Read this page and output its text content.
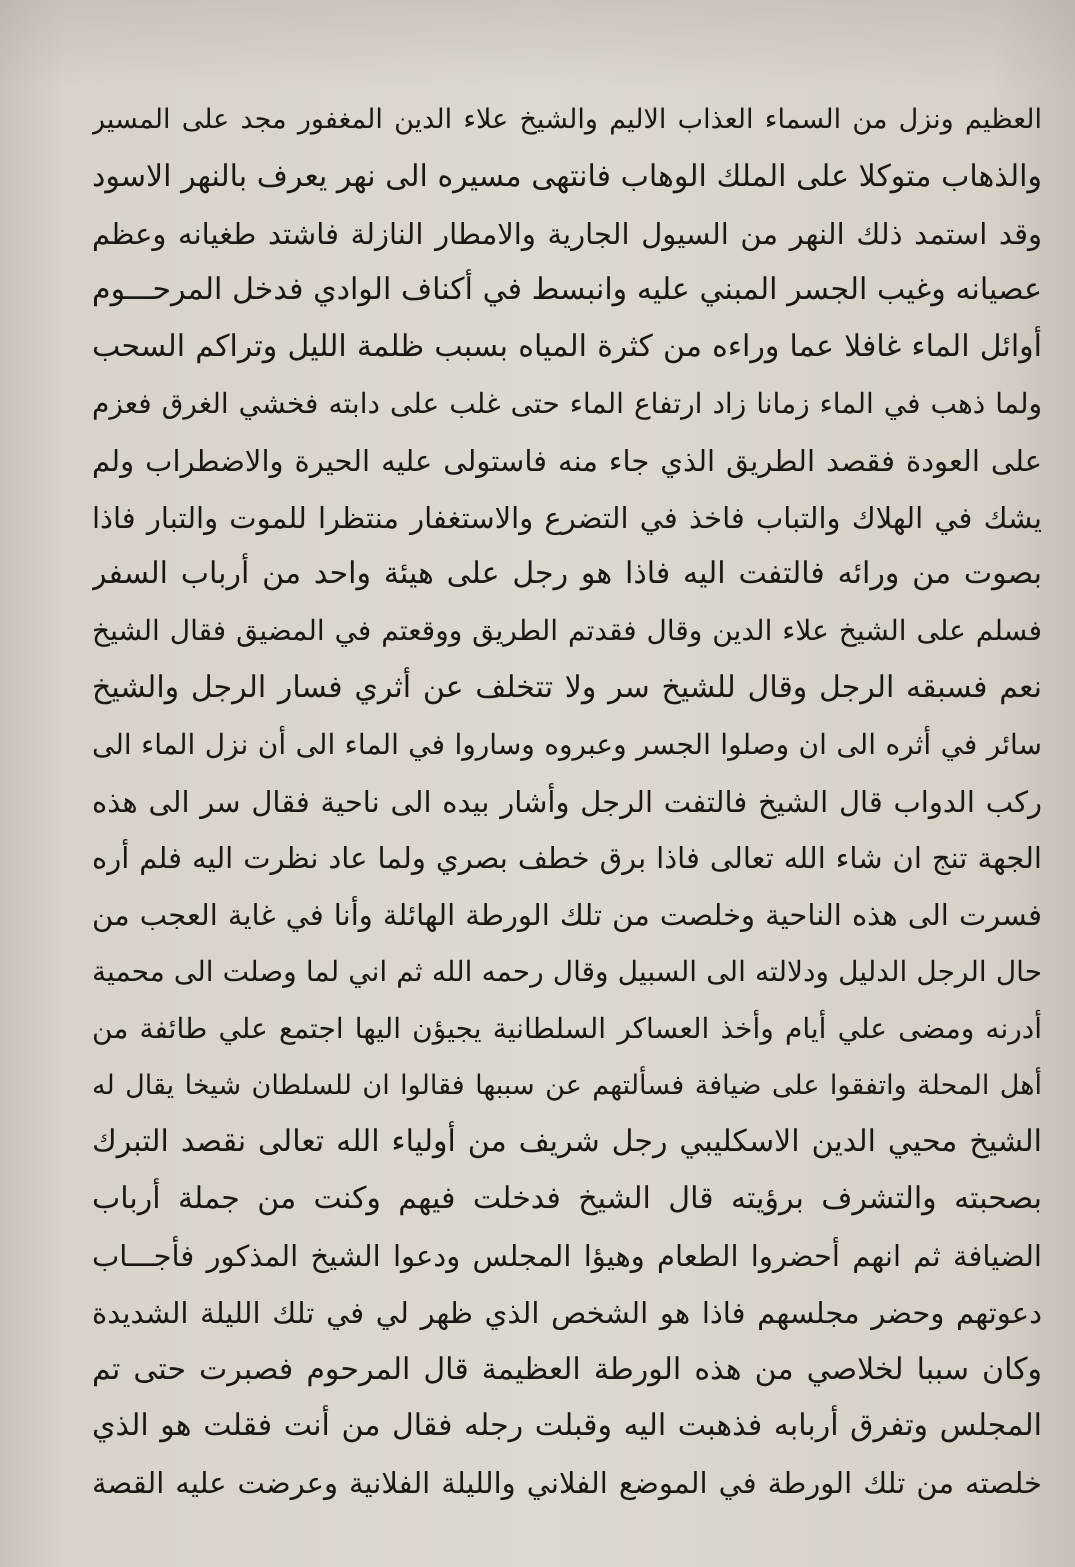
العظيم ونزل من السماء العذاب الاليم والشيخ علاء الدين المغفور مجد على المسير
والذهاب متوكلا على الملك الوهاب فانتهى مسيره الى نهر يعرف بالنهر الاسود
وقد استمد ذلك النهر من السيول الجارية والامطار النازلة فاشتد طغيانه وعظم
عصيانه وغيب الجسر المبني عليه وانبسط في أكناف الوادي فدخل المرحـــوم
أوائل الماء غافلا عما وراءه من كثرة المياه بسبب ظلمة الليل وتراكم السحب
ولما ذهب في الماء زمانا زاد ارتفاع الماء حتى غلب على دابته فخشي الغرق فعزم
على العودة فقصد الطريق الذي جاء منه فاستولى عليه الحيرة والاضطراب ولم
يشك في الهلاك والتباب فاخذ في التضرع والاستغفار منتظرا للموت والتبار فاذا
بصوت من ورائه فالتفت اليه فاذا هو رجل على هيئة واحد من أرباب السفر
فسلم على الشيخ علاء الدين وقال فقدتم الطريق ووقعتم في المضيق فقال الشيخ
نعم فسبقه الرجل وقال للشيخ سر ولا تتخلف عن أثري فسار الرجل والشيخ
سائر في أثره الى ان وصلوا الجسر وعبروه وساروا في الماء الى أن نزل الماء الى
ركب الدواب قال الشيخ فالتفت الرجل وأشار بيده الى ناحية فقال سر الى هذه
الجهة تنج ان شاء الله تعالى فاذا برق خطف بصري ولما عاد نظرت اليه فلم أره
فسرت الى هذه الناحية وخلصت من تلك الورطة الهائلة وأنا في غاية العجب من
حال الرجل الدليل ودلالته الى السبيل وقال رحمه الله ثم اني لما وصلت الى محمية
أدرنه ومضى علي أيام وأخذ العساكر السلطانية يجيؤن اليها اجتمع علي طائفة من
أهل المحلة واتفقوا على ضيافة فسألتهم عن سببها فقالوا ان للسلطان شيخا يقال له
الشيخ محيي الدين الاسكليبي رجل شريف من أولياء الله تعالى نقصد التبرك
بصحبته والتشرف برؤيته قال الشيخ فدخلت فيهم وكنت من جملة أرباب
الضيافة ثم انهم أحضروا الطعام وهيؤا المجلس ودعوا الشيخ المذكور فأجـــاب
دعوتهم وحضر مجلسهم فاذا هو الشخص الذي ظهر لي في تلك الليلة الشديدة
وكان سببا لخلاصي من هذه الورطة العظيمة قال المرحوم فصبرت حتى تم
المجلس وتفرق أربابه فذهبت اليه وقبلت رجله فقال من أنت فقلت هو الذي
خلصته من تلك الورطة في الموضع الفلاني والليلة الفلانية وعرضت عليه القصة
